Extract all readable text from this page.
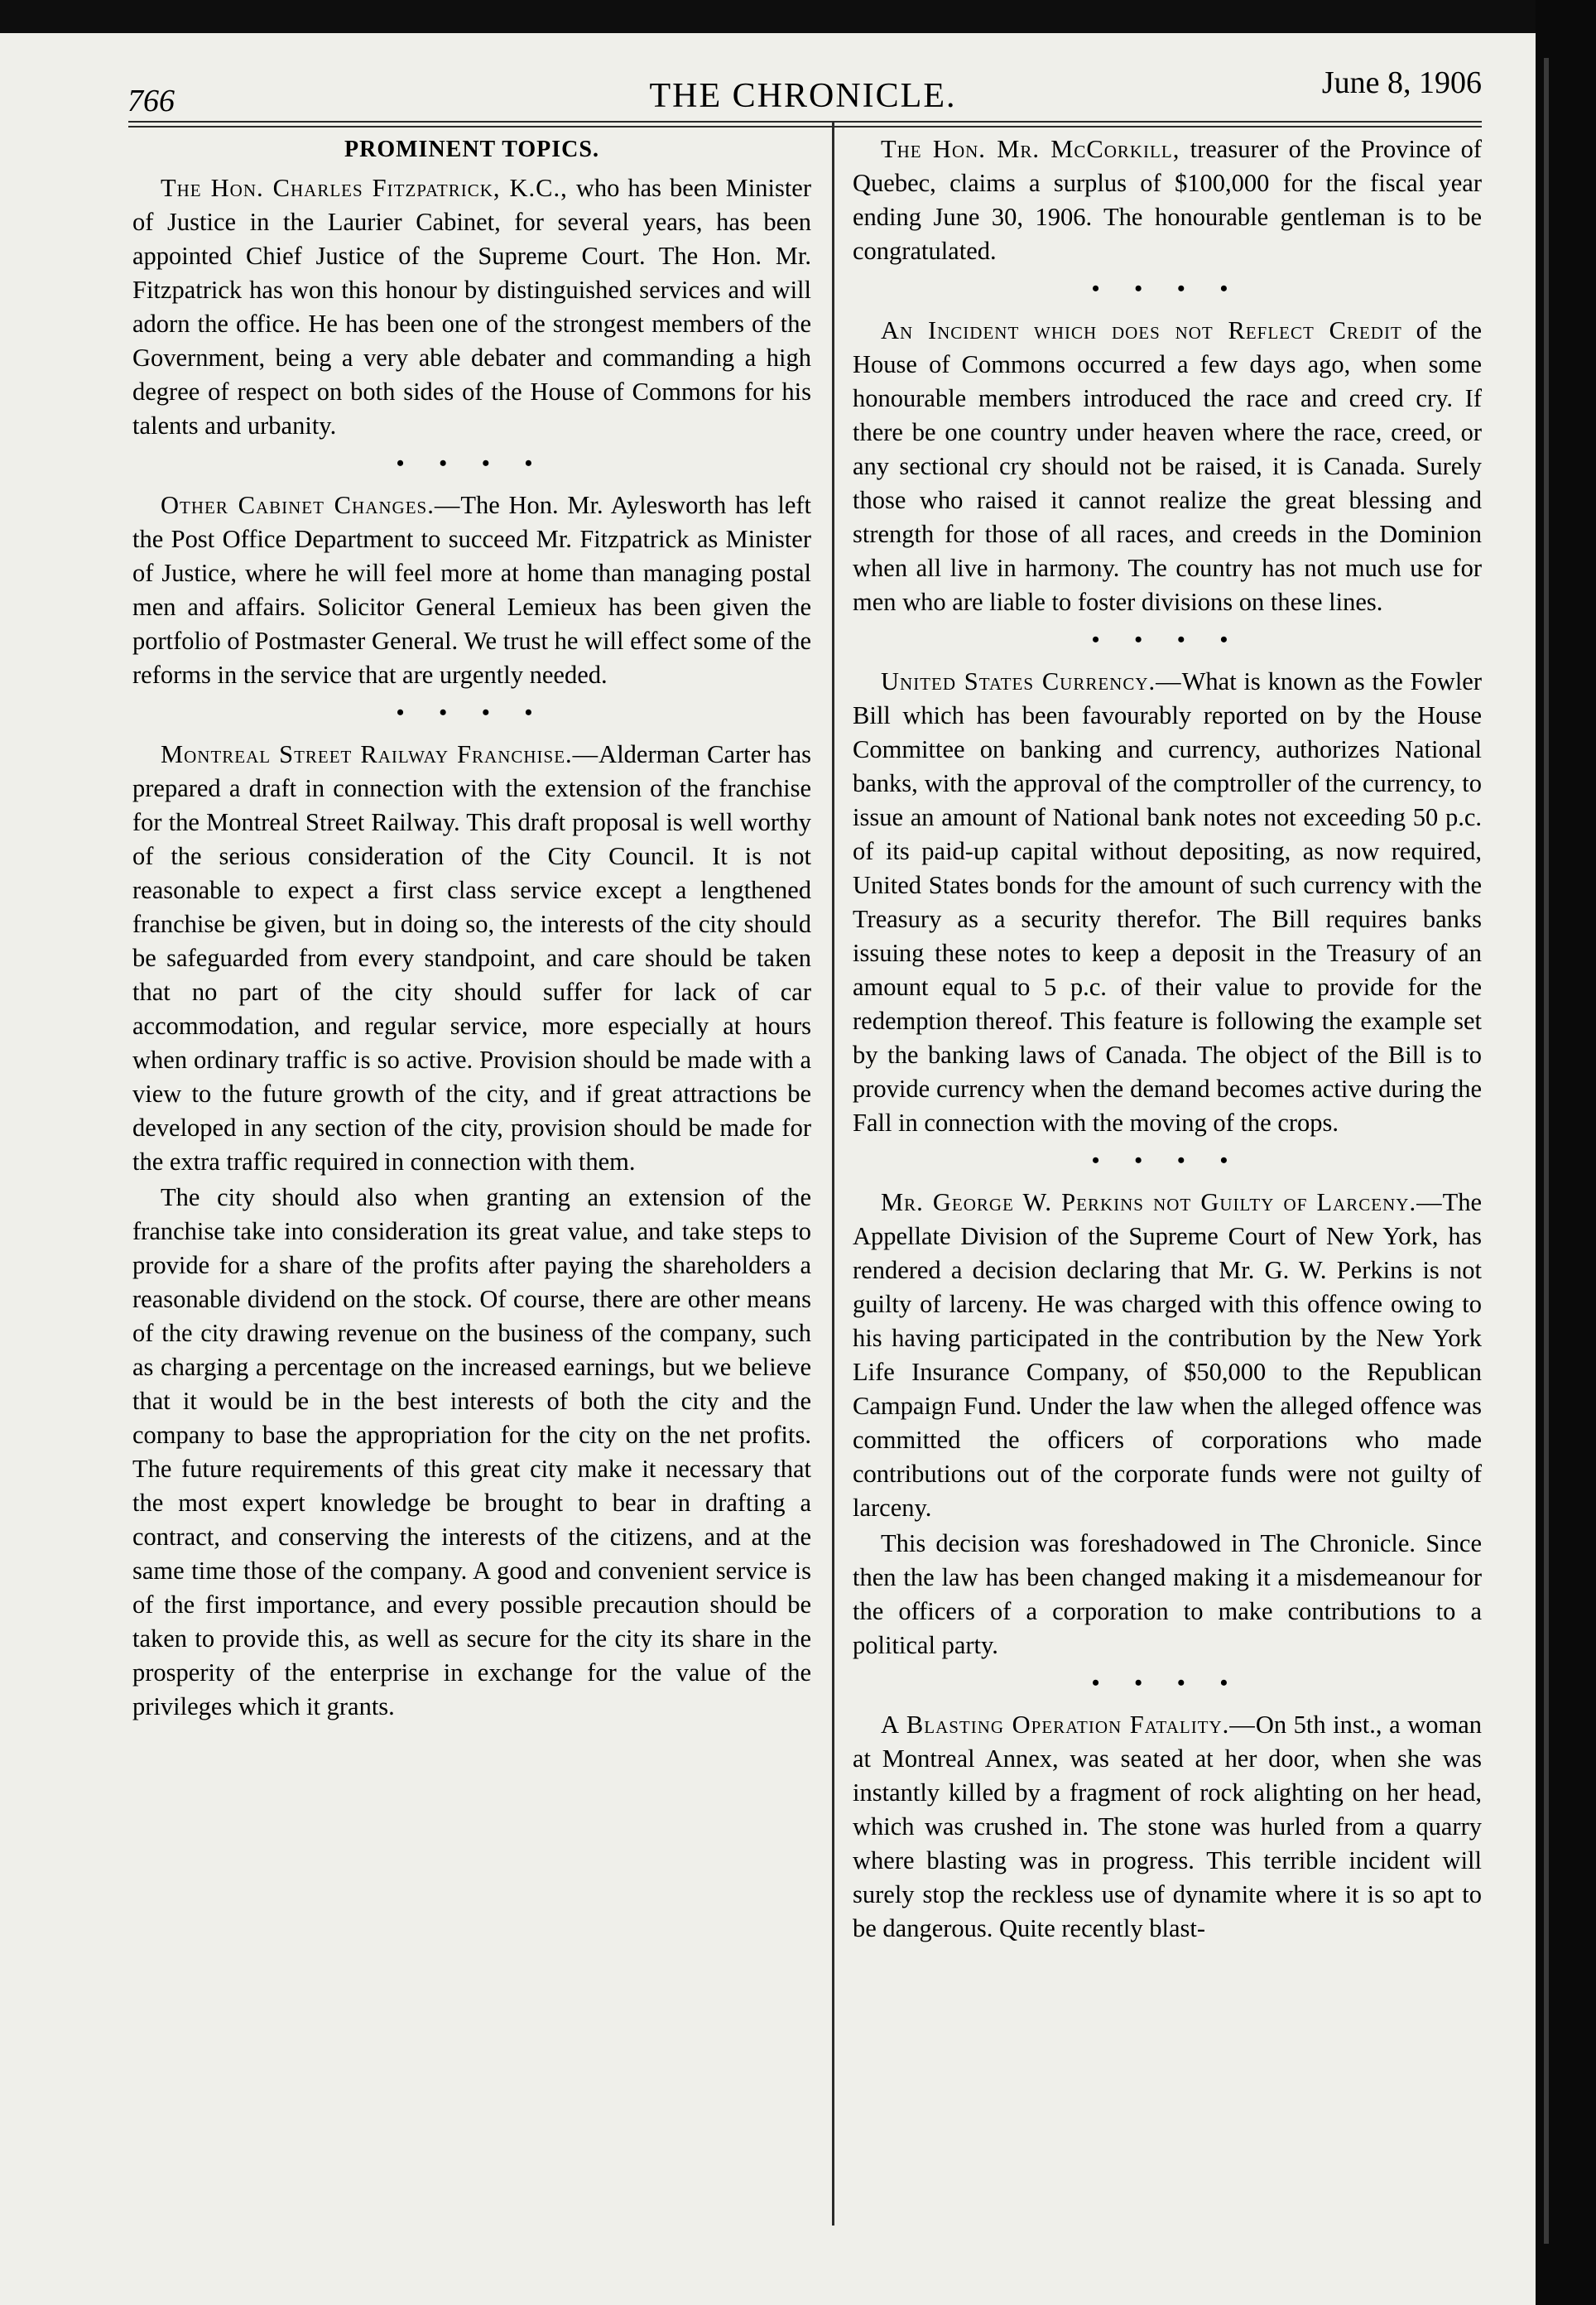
766	THE CHRONICLE.	June 8, 1906
PROMINENT TOPICS.

The Hon. Charles Fitzpatrick, K.C., who has been Minister of Justice in the Laurier Cabinet, for several years, has been appointed Chief Justice of the Supreme Court. The Hon. Mr. Fitzpatrick has won this honour by distinguished services and will adorn the office. He has been one of the strongest members of the Government, being a very able debater and commanding a high degree of respect on both sides of the House of Commons for his talents and urbanity.

• • • •

Other Cabinet Changes.—The Hon. Mr. Aylesworth has left the Post Office Department to succeed Mr. Fitzpatrick as Minister of Justice, where he will feel more at home than managing postal men and affairs. Solicitor General Lemieux has been given the portfolio of Postmaster General. We trust he will effect some of the reforms in the service that are urgently needed.

• • • •

Montreal Street Railway Franchise.—Alderman Carter has prepared a draft in connection with the extension of the franchise for the Montreal Street Railway. This draft proposal is well worthy of the serious consideration of the City Council. It is not reasonable to expect a first class service except a lengthened franchise be given, but in doing so, the interests of the city should be safeguarded from every standpoint, and care should be taken that no part of the city should suffer for lack of car accommodation, and regular service, more especially at hours when ordinary traffic is so active. Provision should be made with a view to the future growth of the city, and if great attractions be developed in any section of the city, provision should be made for the extra traffic required in connection with them.

The city should also when granting an extension of the franchise take into consideration its great value, and take steps to provide for a share of the profits after paying the shareholders a reasonable dividend on the stock. Of course, there are other means of the city drawing revenue on the business of the company, such as charging a percentage on the increased earnings, but we believe that it would be in the best interests of both the city and the company to base the appropriation for the city on the net profits. The future requirements of this great city make it necessary that the most expert knowledge be brought to bear in drafting a contract, and conserving the interests of the citizens, and at the same time those of the company. A good and convenient service is of the first importance, and every possible precaution should be taken to provide this, as well as secure for the city its share in the prosperity of the enterprise in exchange for the value of the privileges which it grants.

The Hon. Mr. McCorkill, treasurer of the Province of Quebec, claims a surplus of $100,000 for the fiscal year ending June 30, 1906. The honourable gentleman is to be congratulated.

• • • •

An Incident which does not Reflect Credit of the House of Commons occurred a few days ago, when some honourable members introduced the race and creed cry. If there be one country under heaven where the race, creed, or any sectional cry should not be raised, it is Canada. Surely those who raised it cannot realize the great blessing and strength for those of all races, and creeds in the Dominion when all live in harmony. The country has not much use for men who are liable to foster divisions on these lines.

• • • •

United States Currency.—What is known as the Fowler Bill which has been favourably reported on by the House Committee on banking and currency, authorizes National banks, with the approval of the comptroller of the currency, to issue an amount of National bank notes not exceeding 50 p.c. of its paid-up capital without depositing, as now required, United States bonds for the amount of such currency with the Treasury as a security therefor. The Bill requires banks issuing these notes to keep a deposit in the Treasury of an amount equal to 5 p.c. of their value to provide for the redemption thereof. This feature is following the example set by the banking laws of Canada. The object of the Bill is to provide currency when the demand becomes active during the Fall in connection with the moving of the crops.

• • • •

Mr. George W. Perkins not Guilty of Larceny.—The Appellate Division of the Supreme Court of New York, has rendered a decision declaring that Mr. G. W. Perkins is not guilty of larceny. He was charged with this offence owing to his having participated in the contribution by the New York Life Insurance Company, of $50,000 to the Republican Campaign Fund. Under the law when the alleged offence was committed the officers of corporations who made contributions out of the corporate funds were not guilty of larceny.

This decision was foreshadowed in The Chronicle. Since then the law has been changed making it a misdemeanour for the officers of a corporation to make contributions to a political party.

• • • •

A Blasting Operation Fatality.—On 5th inst., a woman at Montreal Annex, was seated at her door, when she was instantly killed by a fragment of rock alighting on her head, which was crushed in. The stone was hurled from a quarry where blasting was in progress. This terrible incident will surely stop the reckless use of dynamite where it is so apt to be dangerous. Quite recently blast-
